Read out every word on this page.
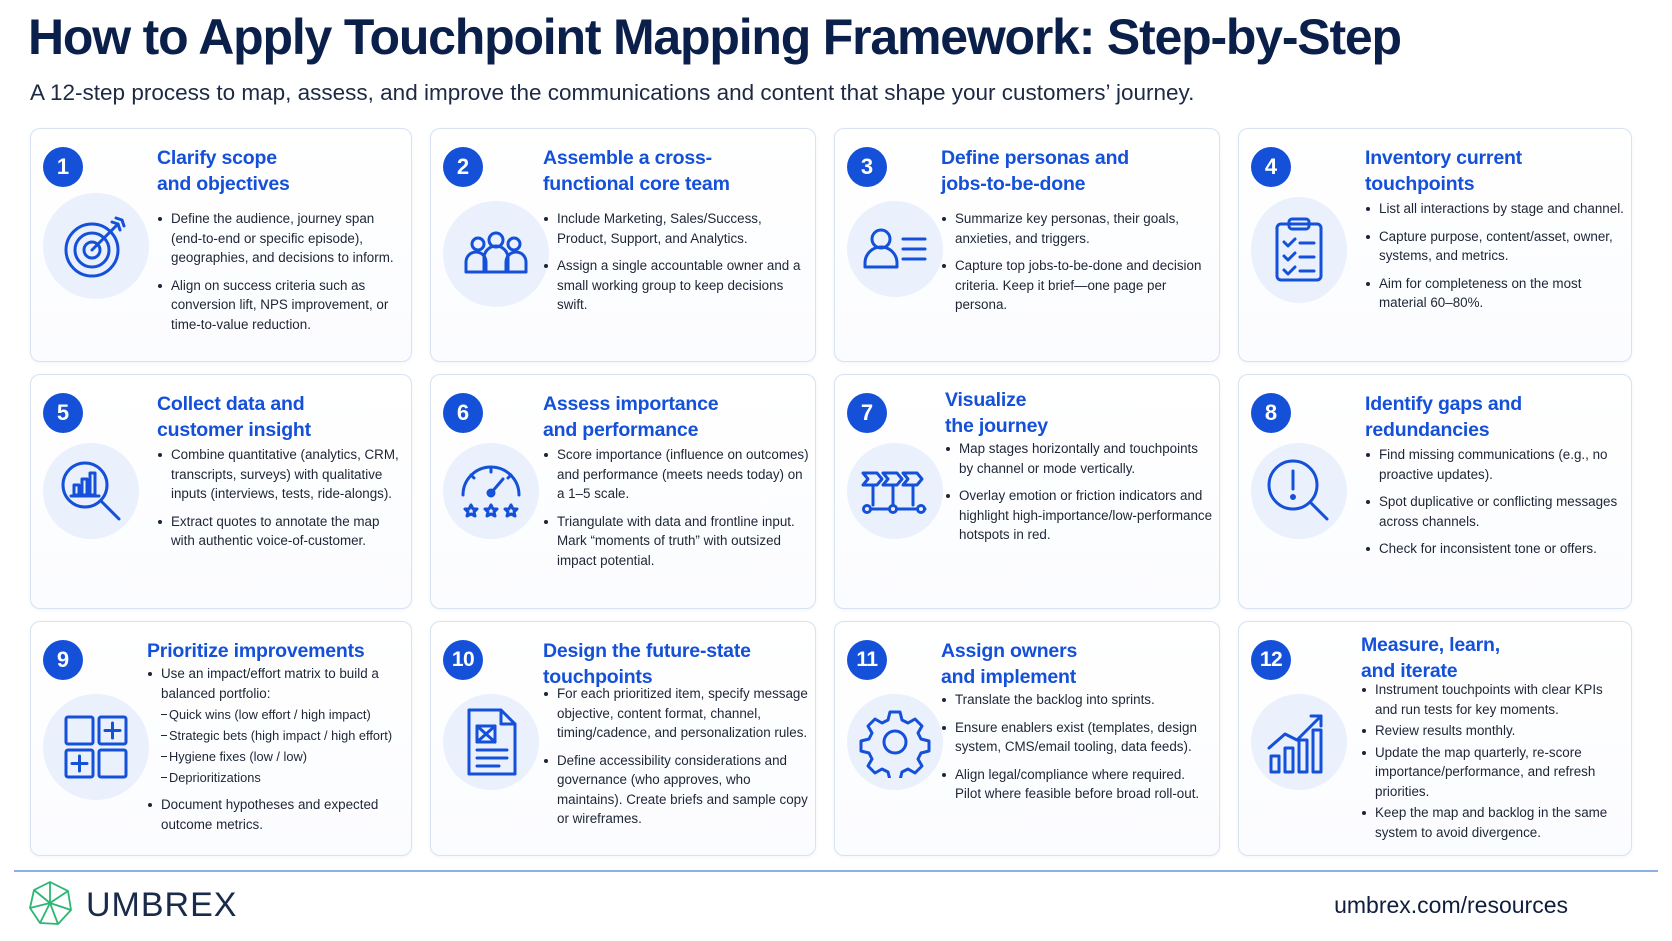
How to Apply Touchpoint Mapping Framework: Step-by-Step
A 12-step process to map, assess, and improve the communications and content that shape your customers’ journey.
1	Clarify scope
and objectives
Define the audience, journey span (end-to-end or specific episode), geographies, and decisions to inform.
Align on success criteria such as conversion lift, NPS improvement, or time-to-value reduction.
2	Assemble a cross-
functional core team
Include Marketing, Sales/Success, Product, Support, and Analytics.
Assign a single accountable owner and a small working group to keep decisions swift.
3	Define personas and
jobs-to-be-done
Summarize key personas, their goals, anxieties, and triggers.
Capture top jobs-to-be-done and decision criteria. Keep it brief—one page per persona.
4	Inventory current
touchpoints
List all interactions by stage and channel.
Capture purpose, content/asset, owner, systems, and metrics.
Aim for completeness on the most material 60–80%.
5	Collect data and
customer insight
Combine quantitative (analytics, CRM, transcripts, surveys) with qualitative inputs (interviews, tests, ride-alongs).
Extract quotes to annotate the map with authentic voice-of-customer.
6	Assess importance
and performance
Score importance (influence on outcomes) and performance (meets needs today) on a 1–5 scale.
Triangulate with data and frontline input. Mark “moments of truth” with outsized impact potential.
7	Visualize
the journey
Map stages horizontally and touchpoints by channel or mode vertically.
Overlay emotion or friction indicators and highlight high-importance/low-performance hotspots in red.
8	Identify gaps and
redundancies
Find missing communications (e.g., no proactive updates).
Spot duplicative or conflicting messages across channels.
Check for inconsistent tone or offers.
9	Prioritize improvements
Use an impact/effort matrix to build a balanced portfolio:
Quick wins (low effort / high impact)
Strategic bets (high impact / high effort)
Hygiene fixes (low / low)
Deprioritizations
Document hypotheses and expected outcome metrics.
10	Design the future-state
touchpoints
For each prioritized item, specify message objective, content format, channel, timing/cadence, and personalization rules.
Define accessibility considerations and governance (who approves, who maintains). Create briefs and sample copy or wireframes.
11	Assign owners
and implement
Translate the backlog into sprints.
Ensure enablers exist (templates, design system, CMS/email tooling, data feeds).
Align legal/compliance where required. Pilot where feasible before broad roll-out.
12
Measure, learn,
and iterate
Instrument touchpoints with clear KPIs and run tests for key moments.
Review results monthly.
Update the map quarterly, re-score importance/performance, and refresh priorities.
Keep the map and backlog in the same system to avoid divergence.
UMBREX	umbrex.com/resources
